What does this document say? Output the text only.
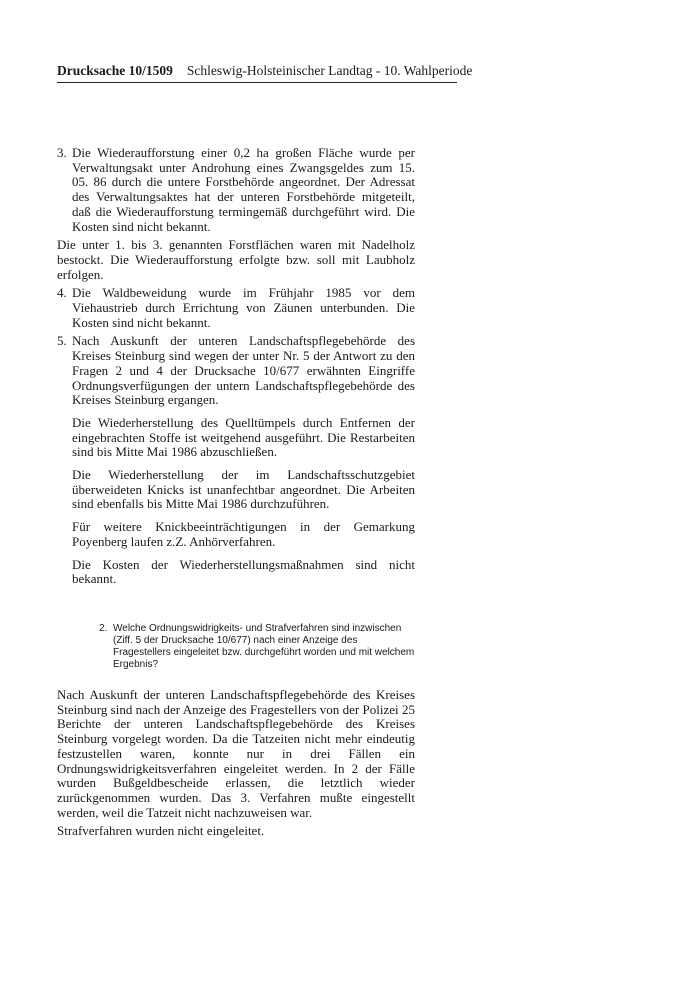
Drucksache 10/1509 Schleswig-Holsteinischer Landtag - 10. Wahlperiode
3. Die Wiederaufforstung einer 0,2 ha großen Fläche wurde per Verwaltungsakt unter Androhung eines Zwangsgeldes zum 15. 05. 86 durch die untere Forstbehörde angeordnet. Der Adressat des Verwaltungsaktes hat der unteren Forstbehörde mitgeteilt, daß die Wiederaufforstung termingemäß durchgeführt wird. Die Kosten sind nicht bekannt.

Die unter 1. bis 3. genannten Forstflächen waren mit Nadelholz bestockt. Die Wiederaufforstung erfolgte bzw. soll mit Laubholz erfolgen.

4. Die Waldbeweidung wurde im Frühjahr 1985 vor dem Viehaustrieb durch Errichtung von Zäunen unterbunden. Die Kosten sind nicht bekannt.
5. Nach Auskunft der unteren Landschaftspflegebehörde des Kreises Steinburg sind wegen der unter Nr. 5 der Antwort zu den Fragen 2 und 4 der Drucksache 10/677 erwähnten Eingriffe Ordnungsverfügungen der untern Landschaftspflegebehörde des Kreises Steinburg ergangen.

Die Wiederherstellung des Quelltümpels durch Entfernen der eingebrachten Stoffe ist weitgehend ausgeführt. Die Restarbeiten sind bis Mitte Mai 1986 abzuschließen.

Die Wiederherstellung der im Landschaftsschutzgebiet überweideten Knicks ist unanfechtbar angeordnet. Die Arbeiten sind ebenfalls bis Mitte Mai 1986 durchzuführen.

Für weitere Knickbeeinträchtigungen in der Gemarkung Poyenberg laufen z.Z. Anhörverfahren.

Die Kosten der Wiederherstellungsmaßnahmen sind nicht bekannt.

2. Welche Ordnungswidrigkeits- und Strafverfahren sind inzwischen (Ziff. 5 der Drucksache 10/677) nach einer Anzeige des Fragestellers eingeleitet bzw. durchgeführt worden und mit welchem Ergebnis?

Nach Auskunft der unteren Landschaftspflegebehörde des Kreises Steinburg sind nach der Anzeige des Fragestellers von der Polizei 25 Berichte der unteren Landschaftspflegebehörde des Kreises Steinburg vorgelegt worden. Da die Tatzeiten nicht mehr eindeutig festzustellen waren, konnte nur in drei Fällen ein Ordnungswidrigkeitsverfahren eingeleitet werden. In 2 der Fälle wurden Bußgeldbescheide erlassen, die letztlich wieder zurückgenommen wurden. Das 3. Verfahren mußte eingestellt werden, weil die Tatzeit nicht nachzuweisen war.

Strafverfahren wurden nicht eingeleitet.
